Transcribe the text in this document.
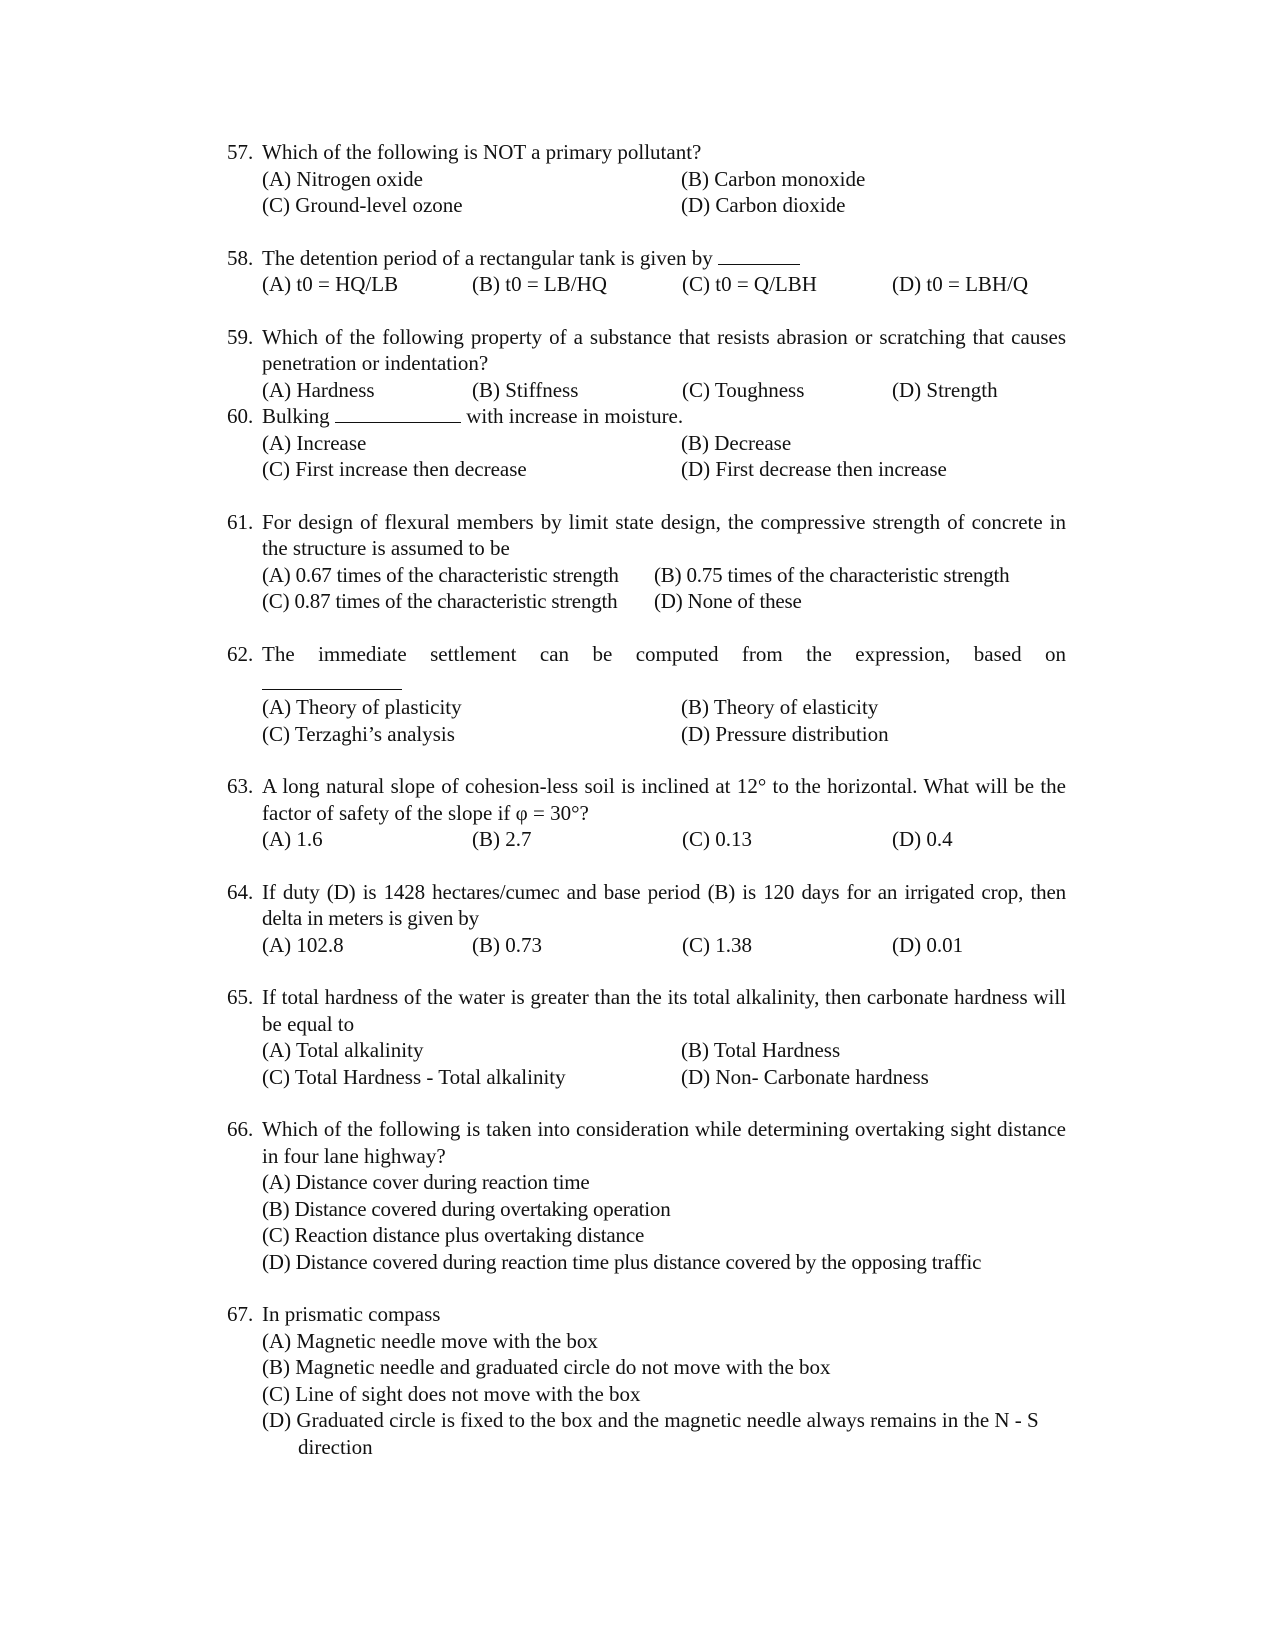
57. Which of the following is NOT a primary pollutant?
(A) Nitrogen oxide	(B) Carbon monoxide
(C) Ground-level ozone	(D) Carbon dioxide
58. The detention period of a rectangular tank is given by
(A) t0 = HQ/LB	(B) t0 = LB/HQ	(C) t0 = Q/LBH	(D) t0 = LBH/Q
59. Which of the following property of a substance that resists abrasion or scratching that causes penetration or indentation?
(A) Hardness	(B) Stiffness	(C) Toughness	(D) Strength
60. Bulking	with increase in moisture.
(A) Increase	(B) Decrease
(C) First increase then decrease	(D) First decrease then increase
61. For design of flexural members by limit state design, the compressive strength of concrete in the structure is assumed to be
(A) 0.67 times of the characteristic strength	(B) 0.75 times of the characteristic strength
(C) 0.87 times of the characteristic strength	(D) None of these
62. The immediate settlement can be computed from the expression, based on
(A) Theory of plasticity	(B) Theory of elasticity
(C) Terzaghi’s analysis	(D) Pressure distribution
63. A long natural slope of cohesion-less soil is inclined at 12° to the horizontal. What will be the factor of safety of the slope if φ = 30°?
(A) 1.6	(B) 2.7	(C) 0.13	(D) 0.4
64. If duty (D) is 1428 hectares/cumec and base period (B) is 120 days for an irrigated crop, then delta in meters is given by
(A) 102.8	(B) 0.73	(C) 1.38	(D) 0.01
65. If total hardness of the water is greater than the its total alkalinity, then carbonate hardness will be equal to
(A) Total alkalinity	(B) Total Hardness
(C) Total Hardness - Total alkalinity	(D) Non- Carbonate hardness
66. Which of the following is taken into consideration while determining overtaking sight distance in four lane highway?
(A) Distance cover during reaction time
(B) Distance covered during overtaking operation
(C) Reaction distance plus overtaking distance
(D) Distance covered during reaction time plus distance covered by the opposing traffic
67. In prismatic compass
(A) Magnetic needle move with the box
(B) Magnetic needle and graduated circle do not move with the box
(C) Line of sight does not move with the box
(D) Graduated circle is fixed to the box and the magnetic needle always remains in the N - S direction
